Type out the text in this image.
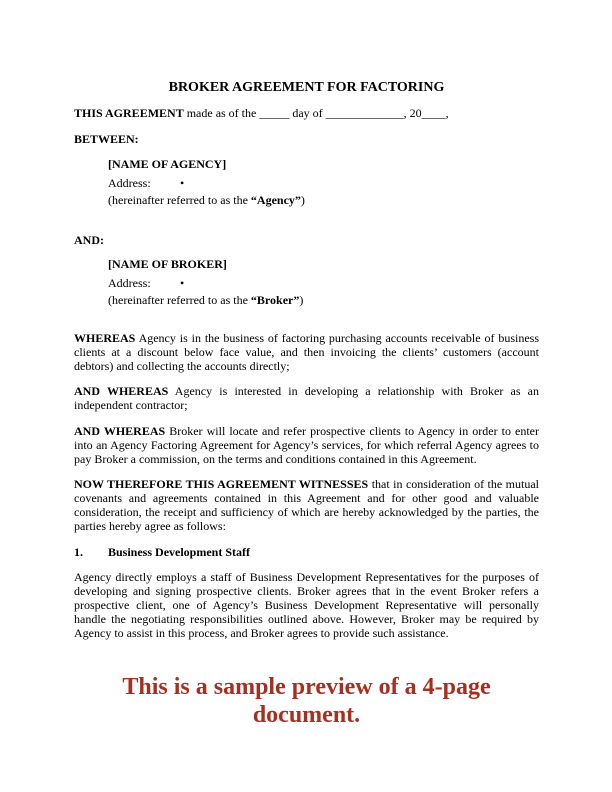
BROKER AGREEMENT FOR FACTORING

THIS AGREEMENT made as of the _____ day of _____________, 20____,

BETWEEN:

[NAME OF AGENCY]

Address: •

(hereinafter referred to as the “Agency”)

AND:

[NAME OF BROKER]

Address: •

(hereinafter referred to as the “Broker”)

WHEREAS Agency is in the business of factoring purchasing accounts receivable of business clients at a discount below face value, and then invoicing the clients’ customers (account debtors) and collecting the accounts directly;

AND WHEREAS Agency is interested in developing a relationship with Broker as an independent contractor;

AND WHEREAS Broker will locate and refer prospective clients to Agency in order to enter into an Agency Factoring Agreement for Agency’s services, for which referral Agency agrees to pay Broker a commission, on the terms and conditions contained in this Agreement.

NOW THEREFORE THIS AGREEMENT WITNESSES that in consideration of the mutual covenants and agreements contained in this Agreement and for other good and valuable consideration, the receipt and sufficiency of which are hereby acknowledged by the parties, the parties hereby agree as follows:

1. Business Development Staff

Agency directly employs a staff of Business Development Representatives for the purposes of developing and signing prospective clients. Broker agrees that in the event Broker refers a prospective client, one of Agency’s Business Development Representative will personally handle the negotiating responsibilities outlined above. However, Broker may be required by Agency to assist in this process, and Broker agrees to provide such assistance.

This is a sample preview of a 4-page document.
